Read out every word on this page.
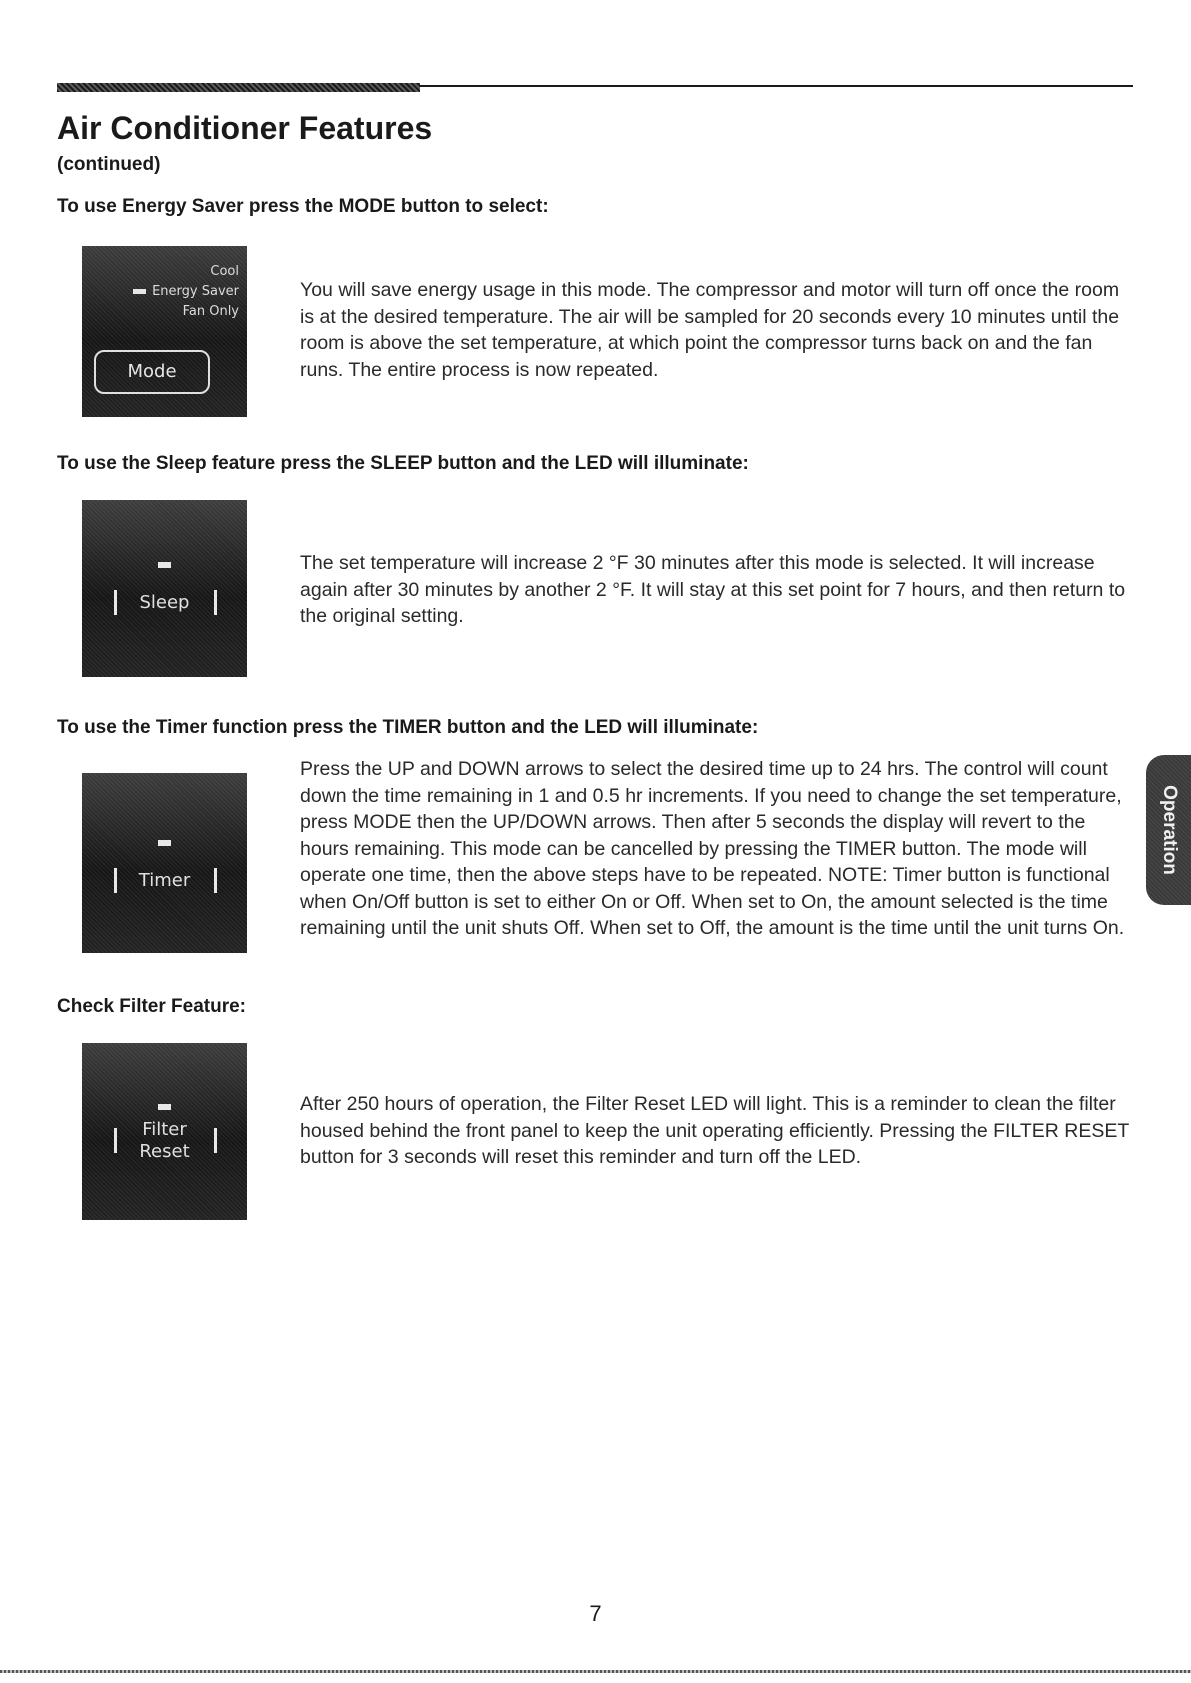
Air Conditioner Features

(continued)

To use Energy Saver press the MODE button to select:

Cool
Energy Saver
Fan Only
Mode

You will save energy usage in this mode. The compressor and motor will turn off once the room is at the desired temperature. The air will be sampled for 20 seconds every 10 minutes until the room is above the set temperature, at which point the compressor turns back on and the fan runs. The entire process is now repeated.

To use the Sleep feature press the SLEEP button and the LED will illuminate:

Sleep

The set temperature will increase 2 °F 30 minutes after this mode is selected. It will increase again after 30 minutes by another 2 °F. It will stay at this set point for 7 hours, and then return to the original setting.

To use the Timer function press the TIMER button and the LED will illuminate:

Timer

Press the UP and DOWN arrows to select the desired time up to 24 hrs. The control will count down the time remaining in 1 and 0.5 hr increments. If you need to change the set temperature, press MODE then the UP/DOWN arrows. Then after 5 seconds the display will revert to the hours remaining. This mode can be cancelled by pressing the TIMER button. The mode will operate one time, then the above steps have to be repeated. NOTE: Timer button is functional when On/Off button is set to either On or Off. When set to On, the amount selected is the time remaining until the unit shuts Off. When set to Off, the amount is the time until the unit turns On.

Check Filter Feature:

Filter
Reset

After 250 hours of operation, the Filter Reset LED will light. This is a reminder to clean the filter housed behind the front panel to keep the unit operating efficiently. Pressing the FILTER RESET button for 3 seconds will reset this reminder and turn off the LED.

Operation

7
